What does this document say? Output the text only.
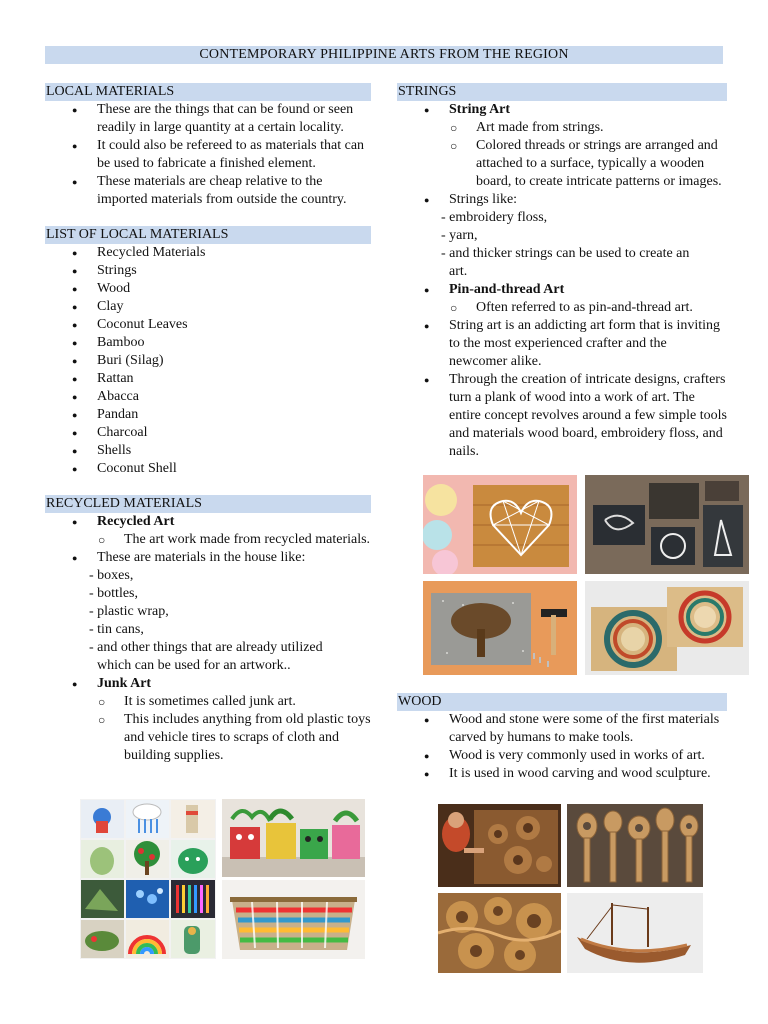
CONTEMPORARY PHILIPPINE ARTS FROM THE REGION
LOCAL MATERIALS
● These are the things that can be found or seen readily in large quantity at a certain locality.
● It could also be refereed to as materials that can be used to fabricate a finished element.
● These materials are cheap relative to the imported materials from outside the country.
LIST OF LOCAL MATERIALS
● Recycled Materials
● Strings
● Wood
● Clay
● Coconut Leaves
● Bamboo
● Buri (Silag)
● Rattan
● Abacca
● Pandan
● Charcoal
● Shells
● Coconut Shell
RECYCLED MATERIALS
● Recycled Art
○ The art work made from recycled materials.
● These are materials in the house like:
- boxes,
- bottles,
- plastic wrap,
- tin cans,
- and other things that are already utilized
which can be used for an artwork..
● Junk Art
○ It is sometimes called junk art.
○ This includes anything from old plastic toys and vehicle tires to scraps of cloth and building supplies.
STRINGS
● String Art
○ Art made from strings.
○ Colored threads or strings are arranged and attached to a surface, typically a wooden board, to create intricate patterns or images.
● Strings like:
- embroidery floss,
- yarn,
- and thicker strings can be used to create an
art.
● Pin-and-thread Art
○ Often referred to as pin-and-thread art.
● String art is an addicting art form that is inviting to the most experienced crafter and the newcomer alike.
● Through the creation of intricate designs, crafters turn a plank of wood into a work of art. The entire concept revolves around a few simple tools and materials wood board, embroidery floss, and nails.
WOOD
● Wood and stone were some of the first materials carved by humans to make tools.
● Wood is very commonly used in works of art.
● It is used in wood carving and wood sculpture.
